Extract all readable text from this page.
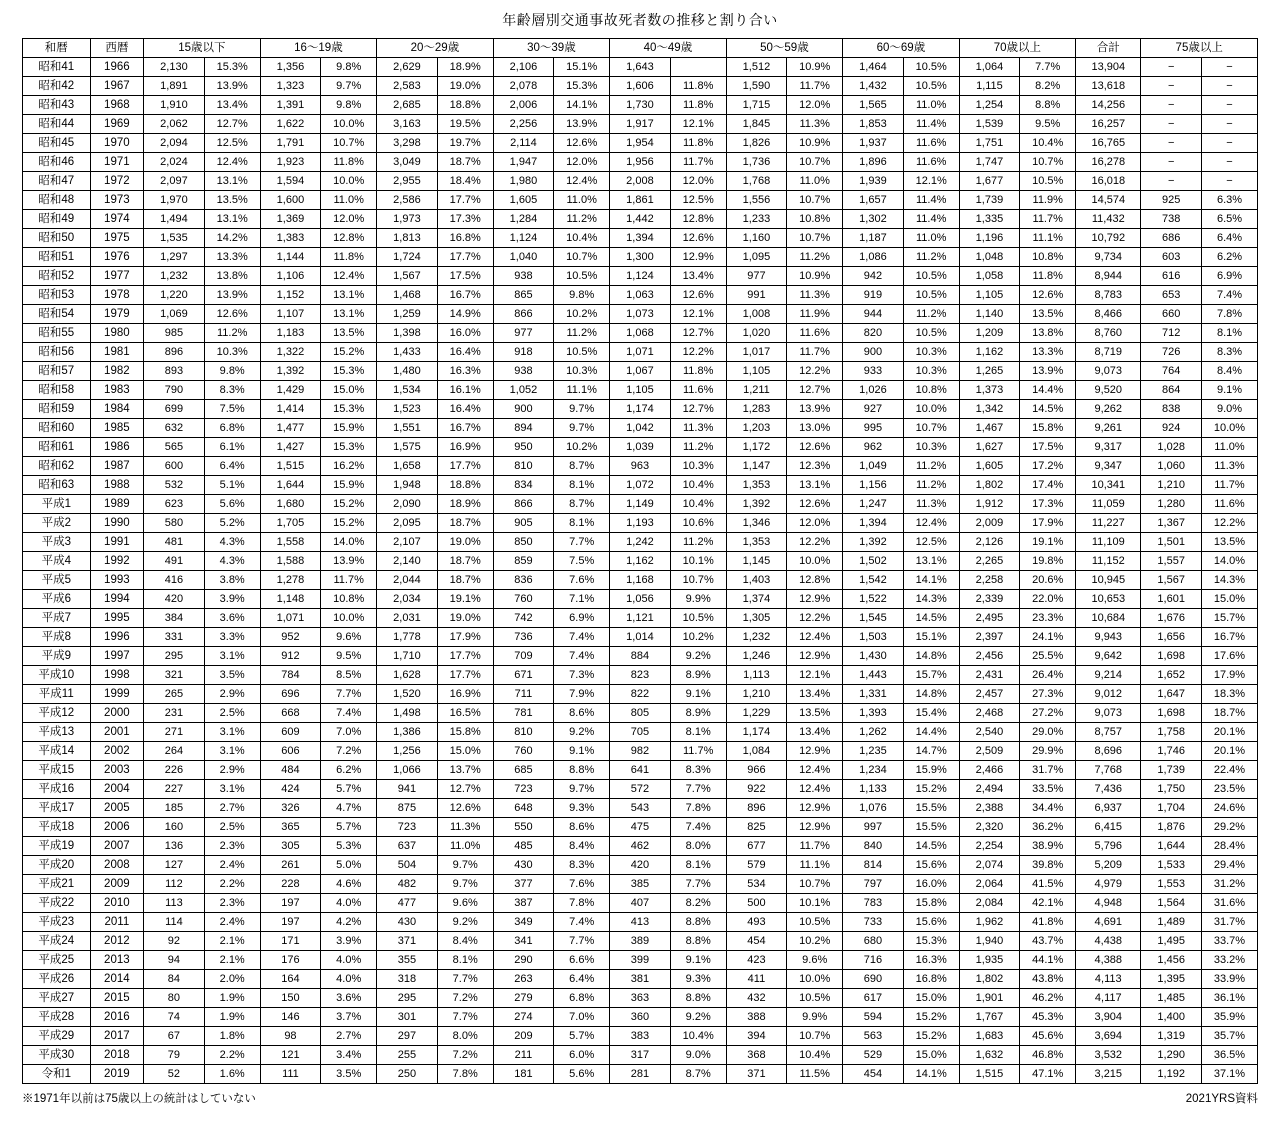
年齢層別交通事故死者数の推移と割り合い
和暦	西暦	15歳以下		16〜19歳		20〜29歳		30〜39歳		40〜49歳		50〜59歳		60〜69歳		70歳以上		合計	75歳以上	
昭和41	1966	2,130	15.3%	1,356	9.8%	2,629	18.9%	2,106	15.1%	1,643		1,512	10.9%	1,464	10.5%	1,064	7.7%	13,904	−	−
昭和42	1967	1,891	13.9%	1,323	9.7%	2,583	19.0%	2,078	15.3%	1,606	11.8%	1,590	11.7%	1,432	10.5%	1,115	8.2%	13,618	−	−
昭和43	1968	1,910	13.4%	1,391	9.8%	2,685	18.8%	2,006	14.1%	1,730	11.8%	1,715	12.0%	1,565	11.0%	1,254	8.8%	14,256	−	−
昭和44	1969	2,062	12.7%	1,622	10.0%	3,163	19.5%	2,256	13.9%	1,917	12.1%	1,845	11.3%	1,853	11.4%	1,539	9.5%	16,257	−	−
昭和45	1970	2,094	12.5%	1,791	10.7%	3,298	19.7%	2,114	12.6%	1,954	11.8%	1,826	10.9%	1,937	11.6%	1,751	10.4%	16,765	−	−
昭和46	1971	2,024	12.4%	1,923	11.8%	3,049	18.7%	1,947	12.0%	1,956	11.7%	1,736	10.7%	1,896	11.6%	1,747	10.7%	16,278	−	−
昭和47	1972	2,097	13.1%	1,594	10.0%	2,955	18.4%	1,980	12.4%	2,008	12.0%	1,768	11.0%	1,939	12.1%	1,677	10.5%	16,018	−	−
昭和48	1973	1,970	13.5%	1,600	11.0%	2,586	17.7%	1,605	11.0%	1,861	12.5%	1,556	10.7%	1,657	11.4%	1,739	11.9%	14,574	925	6.3%
昭和49	1974	1,494	13.1%	1,369	12.0%	1,973	17.3%	1,284	11.2%	1,442	12.8%	1,233	10.8%	1,302	11.4%	1,335	11.7%	11,432	738	6.5%
昭和50	1975	1,535	14.2%	1,383	12.8%	1,813	16.8%	1,124	10.4%	1,394	12.6%	1,160	10.7%	1,187	11.0%	1,196	11.1%	10,792	686	6.4%
昭和51	1976	1,297	13.3%	1,144	11.8%	1,724	17.7%	1,040	10.7%	1,300	12.9%	1,095	11.2%	1,086	11.2%	1,048	10.8%	9,734	603	6.2%
昭和52	1977	1,232	13.8%	1,106	12.4%	1,567	17.5%	938	10.5%	1,124	13.4%	977	10.9%	942	10.5%	1,058	11.8%	8,944	616	6.9%
昭和53	1978	1,220	13.9%	1,152	13.1%	1,468	16.7%	865	9.8%	1,063	12.6%	991	11.3%	919	10.5%	1,105	12.6%	8,783	653	7.4%
昭和54	1979	1,069	12.6%	1,107	13.1%	1,259	14.9%	866	10.2%	1,073	12.1%	1,008	11.9%	944	11.2%	1,140	13.5%	8,466	660	7.8%
昭和55	1980	985	11.2%	1,183	13.5%	1,398	16.0%	977	11.2%	1,068	12.7%	1,020	11.6%	820	10.5%	1,209	13.8%	8,760	712	8.1%
昭和56	1981	896	10.3%	1,322	15.2%	1,433	16.4%	918	10.5%	1,071	12.2%	1,017	11.7%	900	10.3%	1,162	13.3%	8,719	726	8.3%
昭和57	1982	893	9.8%	1,392	15.3%	1,480	16.3%	938	10.3%	1,067	11.8%	1,105	12.2%	933	10.3%	1,265	13.9%	9,073	764	8.4%
昭和58	1983	790	8.3%	1,429	15.0%	1,534	16.1%	1,052	11.1%	1,105	11.6%	1,211	12.7%	1,026	10.8%	1,373	14.4%	9,520	864	9.1%
昭和59	1984	699	7.5%	1,414	15.3%	1,523	16.4%	900	9.7%	1,174	12.7%	1,283	13.9%	927	10.0%	1,342	14.5%	9,262	838	9.0%
昭和60	1985	632	6.8%	1,477	15.9%	1,551	16.7%	894	9.7%	1,042	11.3%	1,203	13.0%	995	10.7%	1,467	15.8%	9,261	924	10.0%
昭和61	1986	565	6.1%	1,427	15.3%	1,575	16.9%	950	10.2%	1,039	11.2%	1,172	12.6%	962	10.3%	1,627	17.5%	9,317	1,028	11.0%
昭和62	1987	600	6.4%	1,515	16.2%	1,658	17.7%	810	8.7%	963	10.3%	1,147	12.3%	1,049	11.2%	1,605	17.2%	9,347	1,060	11.3%
昭和63	1988	532	5.1%	1,644	15.9%	1,948	18.8%	834	8.1%	1,072	10.4%	1,353	13.1%	1,156	11.2%	1,802	17.4%	10,341	1,210	11.7%
平成1	1989	623	5.6%	1,680	15.2%	2,090	18.9%	866	8.7%	1,149	10.4%	1,392	12.6%	1,247	11.3%	1,912	17.3%	11,059	1,280	11.6%
平成2	1990	580	5.2%	1,705	15.2%	2,095	18.7%	905	8.1%	1,193	10.6%	1,346	12.0%	1,394	12.4%	2,009	17.9%	11,227	1,367	12.2%
平成3	1991	481	4.3%	1,558	14.0%	2,107	19.0%	850	7.7%	1,242	11.2%	1,353	12.2%	1,392	12.5%	2,126	19.1%	11,109	1,501	13.5%
平成4	1992	491	4.3%	1,588	13.9%	2,140	18.7%	859	7.5%	1,162	10.1%	1,145	10.0%	1,502	13.1%	2,265	19.8%	11,152	1,557	14.0%
平成5	1993	416	3.8%	1,278	11.7%	2,044	18.7%	836	7.6%	1,168	10.7%	1,403	12.8%	1,542	14.1%	2,258	20.6%	10,945	1,567	14.3%
平成6	1994	420	3.9%	1,148	10.8%	2,034	19.1%	760	7.1%	1,056	9.9%	1,374	12.9%	1,522	14.3%	2,339	22.0%	10,653	1,601	15.0%
平成7	1995	384	3.6%	1,071	10.0%	2,031	19.0%	742	6.9%	1,121	10.5%	1,305	12.2%	1,545	14.5%	2,495	23.3%	10,684	1,676	15.7%
平成8	1996	331	3.3%	952	9.6%	1,778	17.9%	736	7.4%	1,014	10.2%	1,232	12.4%	1,503	15.1%	2,397	24.1%	9,943	1,656	16.7%
平成9	1997	295	3.1%	912	9.5%	1,710	17.7%	709	7.4%	884	9.2%	1,246	12.9%	1,430	14.8%	2,456	25.5%	9,642	1,698	17.6%
平成10	1998	321	3.5%	784	8.5%	1,628	17.7%	671	7.3%	823	8.9%	1,113	12.1%	1,443	15.7%	2,431	26.4%	9,214	1,652	17.9%
平成11	1999	265	2.9%	696	7.7%	1,520	16.9%	711	7.9%	822	9.1%	1,210	13.4%	1,331	14.8%	2,457	27.3%	9,012	1,647	18.3%
平成12	2000	231	2.5%	668	7.4%	1,498	16.5%	781	8.6%	805	8.9%	1,229	13.5%	1,393	15.4%	2,468	27.2%	9,073	1,698	18.7%
平成13	2001	271	3.1%	609	7.0%	1,386	15.8%	810	9.2%	705	8.1%	1,174	13.4%	1,262	14.4%	2,540	29.0%	8,757	1,758	20.1%
平成14	2002	264	3.1%	606	7.2%	1,256	15.0%	760	9.1%	982	11.7%	1,084	12.9%	1,235	14.7%	2,509	29.9%	8,696	1,746	20.1%
平成15	2003	226	2.9%	484	6.2%	1,066	13.7%	685	8.8%	641	8.3%	966	12.4%	1,234	15.9%	2,466	31.7%	7,768	1,739	22.4%
平成16	2004	227	3.1%	424	5.7%	941	12.7%	723	9.7%	572	7.7%	922	12.4%	1,133	15.2%	2,494	33.5%	7,436	1,750	23.5%
平成17	2005	185	2.7%	326	4.7%	875	12.6%	648	9.3%	543	7.8%	896	12.9%	1,076	15.5%	2,388	34.4%	6,937	1,704	24.6%
平成18	2006	160	2.5%	365	5.7%	723	11.3%	550	8.6%	475	7.4%	825	12.9%	997	15.5%	2,320	36.2%	6,415	1,876	29.2%
平成19	2007	136	2.3%	305	5.3%	637	11.0%	485	8.4%	462	8.0%	677	11.7%	840	14.5%	2,254	38.9%	5,796	1,644	28.4%
平成20	2008	127	2.4%	261	5.0%	504	9.7%	430	8.3%	420	8.1%	579	11.1%	814	15.6%	2,074	39.8%	5,209	1,533	29.4%
平成21	2009	112	2.2%	228	4.6%	482	9.7%	377	7.6%	385	7.7%	534	10.7%	797	16.0%	2,064	41.5%	4,979	1,553	31.2%
平成22	2010	113	2.3%	197	4.0%	477	9.6%	387	7.8%	407	8.2%	500	10.1%	783	15.8%	2,084	42.1%	4,948	1,564	31.6%
平成23	2011	114	2.4%	197	4.2%	430	9.2%	349	7.4%	413	8.8%	493	10.5%	733	15.6%	1,962	41.8%	4,691	1,489	31.7%
平成24	2012	92	2.1%	171	3.9%	371	8.4%	341	7.7%	389	8.8%	454	10.2%	680	15.3%	1,940	43.7%	4,438	1,495	33.7%
平成25	2013	94	2.1%	176	4.0%	355	8.1%	290	6.6%	399	9.1%	423	9.6%	716	16.3%	1,935	44.1%	4,388	1,456	33.2%
平成26	2014	84	2.0%	164	4.0%	318	7.7%	263	6.4%	381	9.3%	411	10.0%	690	16.8%	1,802	43.8%	4,113	1,395	33.9%
平成27	2015	80	1.9%	150	3.6%	295	7.2%	279	6.8%	363	8.8%	432	10.5%	617	15.0%	1,901	46.2%	4,117	1,485	36.1%
平成28	2016	74	1.9%	146	3.7%	301	7.7%	274	7.0%	360	9.2%	388	9.9%	594	15.2%	1,767	45.3%	3,904	1,400	35.9%
平成29	2017	67	1.8%	98	2.7%	297	8.0%	209	5.7%	383	10.4%	394	10.7%	563	15.2%	1,683	45.6%	3,694	1,319	35.7%
平成30	2018	79	2.2%	121	3.4%	255	7.2%	211	6.0%	317	9.0%	368	10.4%	529	15.0%	1,632	46.8%	3,532	1,290	36.5%
令和1	2019	52	1.6%	111	3.5%	250	7.8%	181	5.6%	281	8.7%	371	11.5%	454	14.1%	1,515	47.1%	3,215	1,192	37.1%
※1971年以前は75歳以上の統計はしていない	2021YRS資料
